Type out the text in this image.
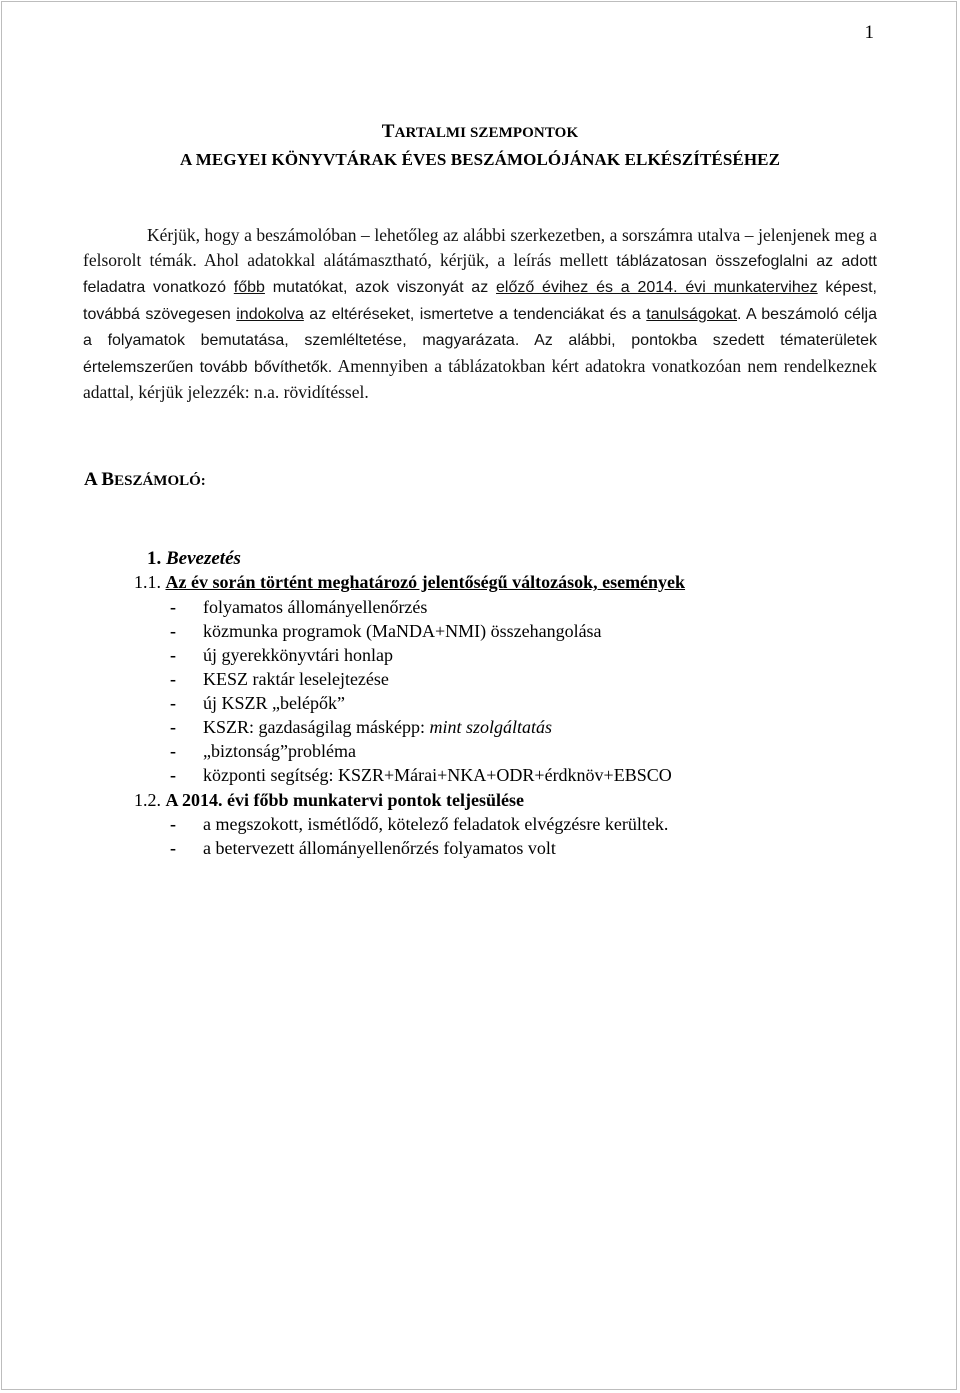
1
TARTALMI SZEMPONTOK
A MEGYEI KÖNYVTÁRAK ÉVES BESZÁMOLÓJÁNAK ELKÉSZÍTÉSÉHEZ
Kérjük, hogy a beszámolóban – lehetőleg az alábbi szerkezetben, a sorszámra utalva – jelenjenek meg a felsorolt témák. Ahol adatokkal alátámasztható, kérjük, a leírás mellett táblázatosan összefoglalni az adott feladatra vonatkozó főbb mutatókat, azok viszonyát az előző évihez és a 2014. évi munkatervihez képest, továbbá szövegesen indokolva az eltéréseket, ismertetve a tendenciákat és a tanulságokat. A beszámoló célja a folyamatok bemutatása, szemléltetése, magyarázata. Az alábbi, pontokba szedett tématerületek értelemszerűen tovább bővíthetők. Amennyiben a táblázatokban kért adatokra vonatkozóan nem rendelkeznek adattal, kérjük jelezzék: n.a. rövidítéssel.
A BESZÁMOLÓ:
1. Bevezetés
1.1. Az év során történt meghatározó jelentőségű változások, események
- folyamatos állományellenőrzés
- közmunka programok (MaNDA+NMI) összehangolása
- új gyerekkönyvtári honlap
- KESZ raktár leselejtezése
- új KSZR „belépők”
- KSZR: gazdaságilag másképp: mint szolgáltatás
- „biztonság”probléma
- központi segítség: KSZR+Márai+NKA+ODR+érdknöv+EBSCO
1.2. A 2014. évi főbb munkatervi pontok teljesülése
- a megszokott, ismétlődő, kötelező feladatok elvégzésre kerültek.
- a betervezett állományellenőrzés folyamatos volt
